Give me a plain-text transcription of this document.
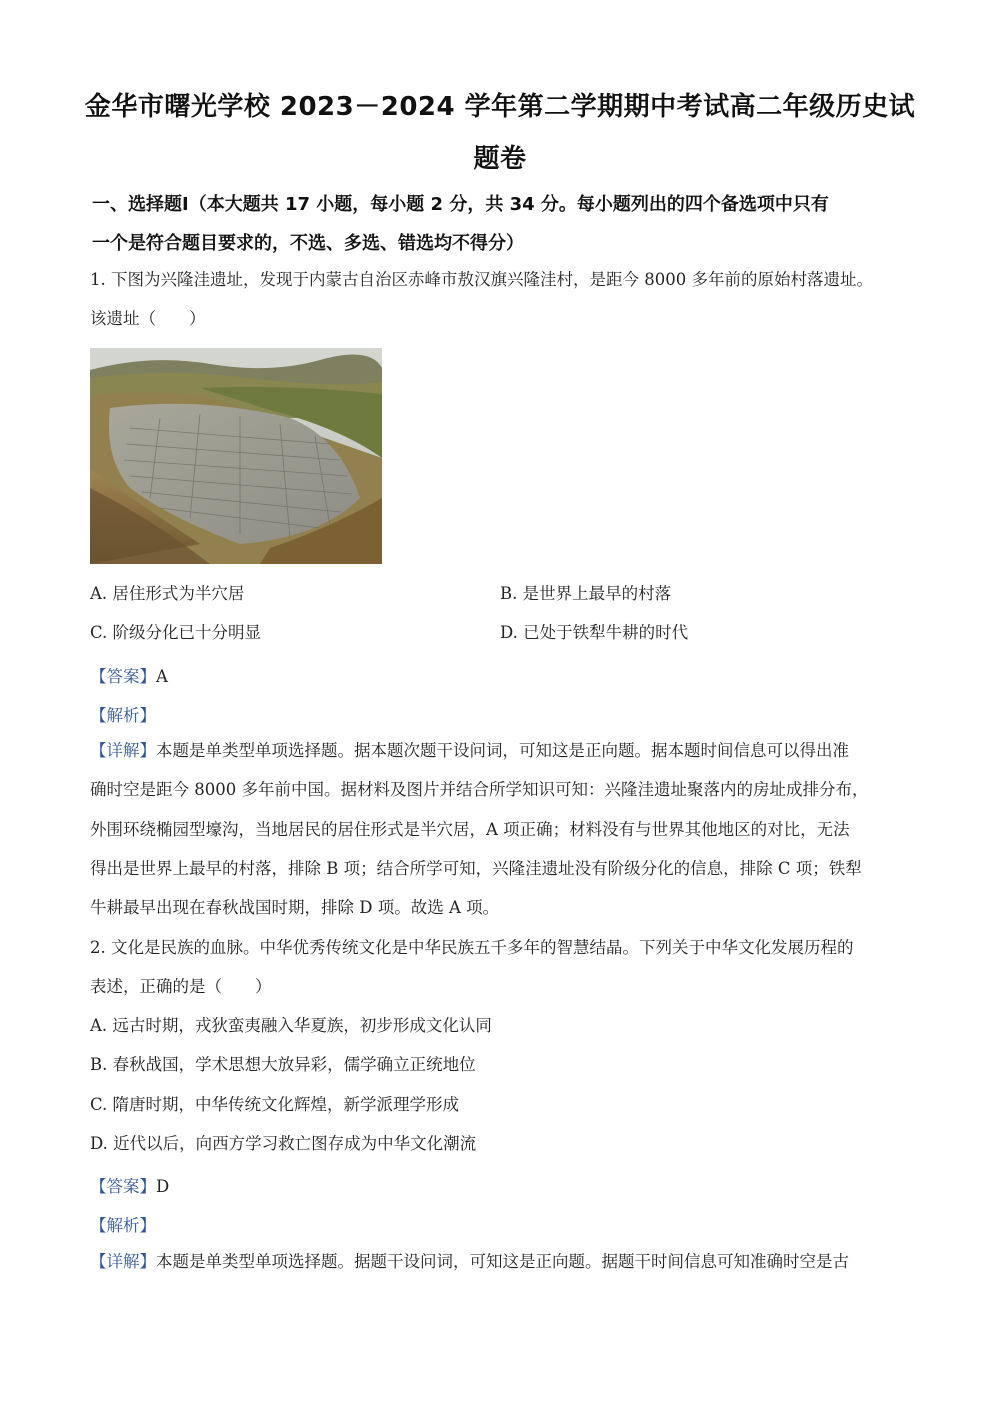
金华市曙光学校 2023－2024 学年第二学期期中考试高二年级历史试
题卷
一、选择题Ⅰ（本大题共 17 小题，每小题 2 分，共 34 分。每小题列出的四个备选项中只有
一个是符合题目要求的，不选、多选、错选均不得分）
1. 下图为兴隆洼遗址，发现于内蒙古自治区赤峰市敖汉旗兴隆洼村，是距今 8000 多年前的原始村落遗址。
该遗址（　　）
A. 居住形式为半穴居	B. 是世界上最早的村落
C. 阶级分化已十分明显	D. 已处于铁犁牛耕的时代
【答案】A
【解析】
【详解】本题是单类型单项选择题。据本题次题干设问词，可知这是正向题。据本题时间信息可以得出准
确时空是距今 8000 多年前中国。据材料及图片并结合所学知识可知：兴隆洼遗址聚落内的房址成排分布，
外围环绕椭园型壕沟，当地居民的居住形式是半穴居，A 项正确；材料没有与世界其他地区的对比，无法
得出是世界上最早的村落，排除 B 项；结合所学可知，兴隆洼遗址没有阶级分化的信息，排除 C 项；铁犁
牛耕最早出现在春秋战国时期，排除 D 项。故选 A 项。
2. 文化是民族的血脉。中华优秀传统文化是中华民族五千多年的智慧结晶。下列关于中华文化发展历程的
表述，正确的是（　　）
A. 远古时期，戎狄蛮夷融入华夏族，初步形成文化认同
B. 春秋战国，学术思想大放异彩，儒学确立正统地位
C. 隋唐时期，中华传统文化辉煌，新学派理学形成
D. 近代以后，向西方学习救亡图存成为中华文化潮流
【答案】D
【解析】
【详解】本题是单类型单项选择题。据题干设问词，可知这是正向题。据题干时间信息可知准确时空是古
